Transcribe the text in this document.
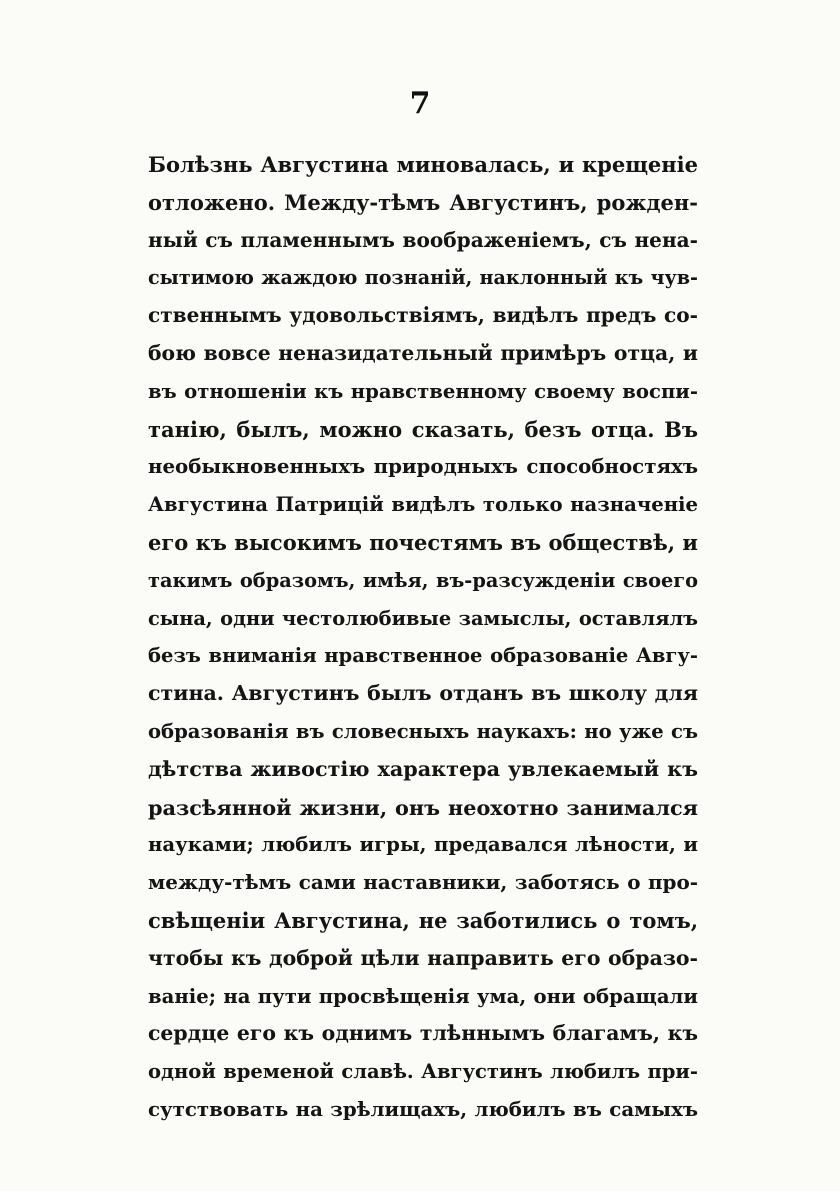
7
Болѣзнь Августина миновалась, и крещеніе
отложено. Между-тѣмъ Августинъ, рожден-
ный съ пламеннымъ воображеніемъ, съ нена-
сытимою жаждою познаній, наклонный къ чув-
ственнымъ удовольствіямъ, видѣлъ предъ со-
бою вовсе неназидательный примѣръ отца, и
въ отношеніи къ нравственному своему воспи-
танію, былъ, можно сказать, безъ отца. Въ
необыкновенныхъ природныхъ способностяхъ
Августина Патрицій видѣлъ только назначеніе
его къ высокимъ почестямъ въ обществѣ, и
такимъ образомъ, имѣя, въ-разсужденіи своего
сына, одни честолюбивые замыслы, оставлялъ
безъ вниманія нравственное образованіе Авгу-
стина. Августинъ былъ отданъ въ школу для
образованія въ словесныхъ наукахъ: но уже съ
дѣтства живостію характера увлекаемый къ
разсѣянной жизни, онъ неохотно занимался
науками; любилъ игры, предавался лѣности, и
между-тѣмъ сами наставники, заботясь о про-
свѣщеніи Августина, не заботились о томъ,
чтобы къ доброй цѣли направить его образо-
ваніе; на пути просвѣщенія ума, они обращали
сердце его къ однимъ тлѣннымъ благамъ, къ
одной временой славѣ. Августинъ любилъ при-
сутствовать на зрѣлищахъ, любилъ въ самыхъ
